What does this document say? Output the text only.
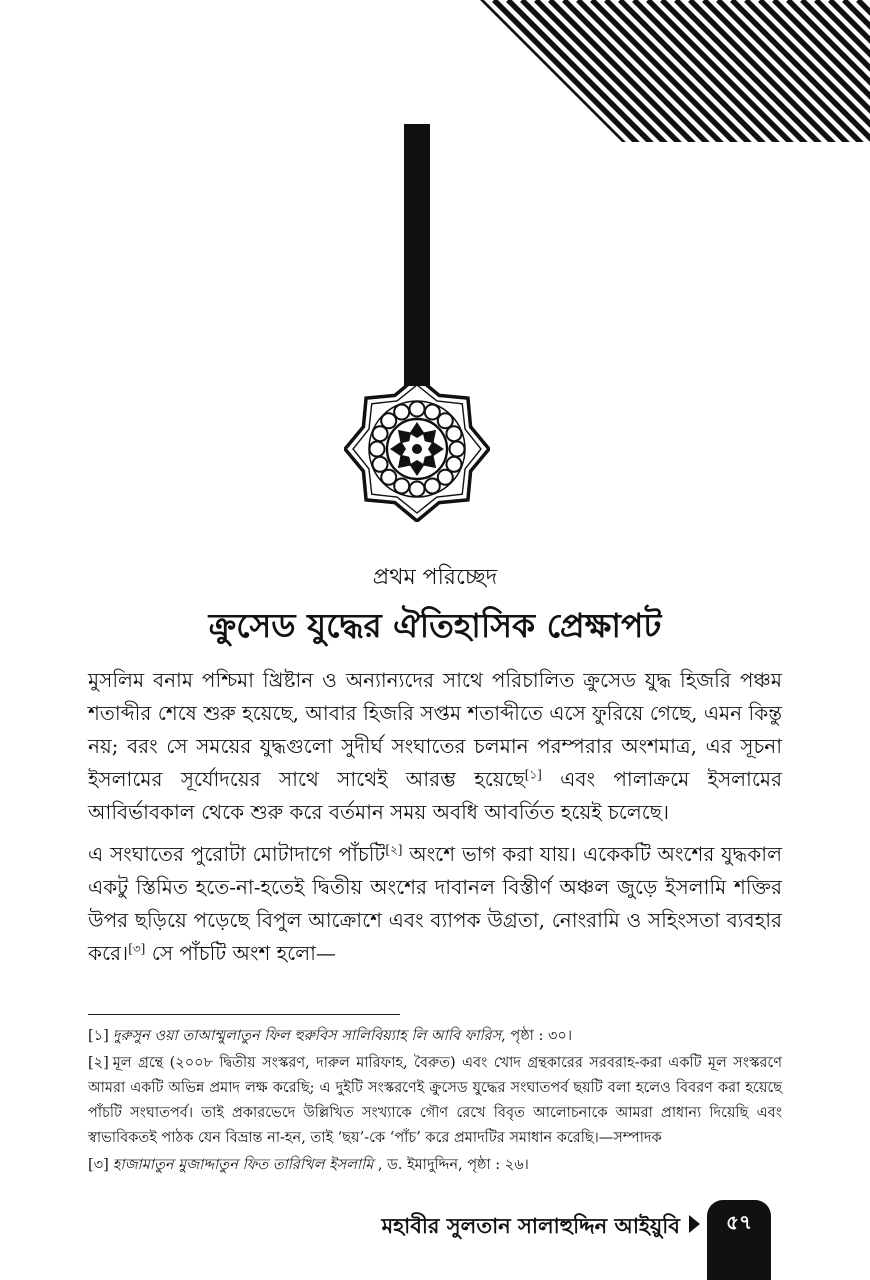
প্রথম পরিচ্ছেদ
ক্রুসেড যুদ্ধের ঐতিহাসিক প্রেক্ষাপট
মুসলিম বনাম পশ্চিমা খ্রিষ্টান ও অন্যান্যদের সাথে পরিচালিত ক্রুসেড যুদ্ধ হিজরি পঞ্চম শতাব্দীর শেষে শুরু হয়েছে, আবার হিজরি সপ্তম শতাব্দীতে এসে ফুরিয়ে গেছে, এমন কিন্তু নয়; বরং সে সময়ের যুদ্ধগুলো সুদীর্ঘ সংঘাতের চলমান পরম্পরার অংশমাত্র, এর সূচনা ইসলামের সূর্যোদয়ের সাথে সাথেই আরম্ভ হয়েছে[১] এবং পালাক্রমে ইসলামের আবির্ভাবকাল থেকে শুরু করে বর্তমান সময় অবধি আবর্তিত হয়েই চলেছে।
এ সংঘাতের পুরোটা মোটাদাগে পাঁচটি[২] অংশে ভাগ করা যায়। একেকটি অংশের যুদ্ধকাল একটু স্তিমিত হতে-না-হতেই দ্বিতীয় অংশের দাবানল বিস্তীর্ণ অঞ্চল জুড়ে ইসলামি শক্তির উপর ছড়িয়ে পড়েছে বিপুল আক্রোশে এবং ব্যাপক উগ্রতা, নোংরামি ও সহিংসতা ব্যবহার করে।[৩] সে পাঁচটি অংশ হলো—

[১] দুরুসুন ওয়া তাআম্মুলাতুন ফিল হুরুবিস সালিবিয়্যাহ লি আবি ফারিস, পৃষ্ঠা : ৩০।

[২] মূল গ্রন্থে (২০০৮ দ্বিতীয় সংস্করণ, দারুল মারিফাহ, বৈরুত) এবং খোদ গ্রন্থকারের সরবরাহ-করা একটি মূল সংস্করণে আমরা একটি অভিন্ন প্রমাদ লক্ষ করেছি; এ দুইটি সংস্করণেই ক্রুসেড যুদ্ধের সংঘাতপর্ব ছয়টি বলা হলেও বিবরণ করা হয়েছে পাঁচটি সংঘাতপর্ব। তাই প্রকারভেদে উল্লিখিত সংখ্যাকে গৌণ রেখে বিবৃত আলোচনাকে আমরা প্রাধান্য দিয়েছি এবং স্বাভাবিকতই পাঠক যেন বিভ্রান্ত না-হন, তাই ‘ছয়’-কে ‘পাঁচ’ করে প্রমাদটির সমাধান করেছি।—সম্পাদক

[৩] হাজামাতুন মুজাদ্দাতুন ফিত তারিখিল ইসলামি , ড. ইমাদুদ্দিন, পৃষ্ঠা : ২৬।

মহাবীর সুলতান সালাহুদ্দিন আইয়ুবি	৫৭
